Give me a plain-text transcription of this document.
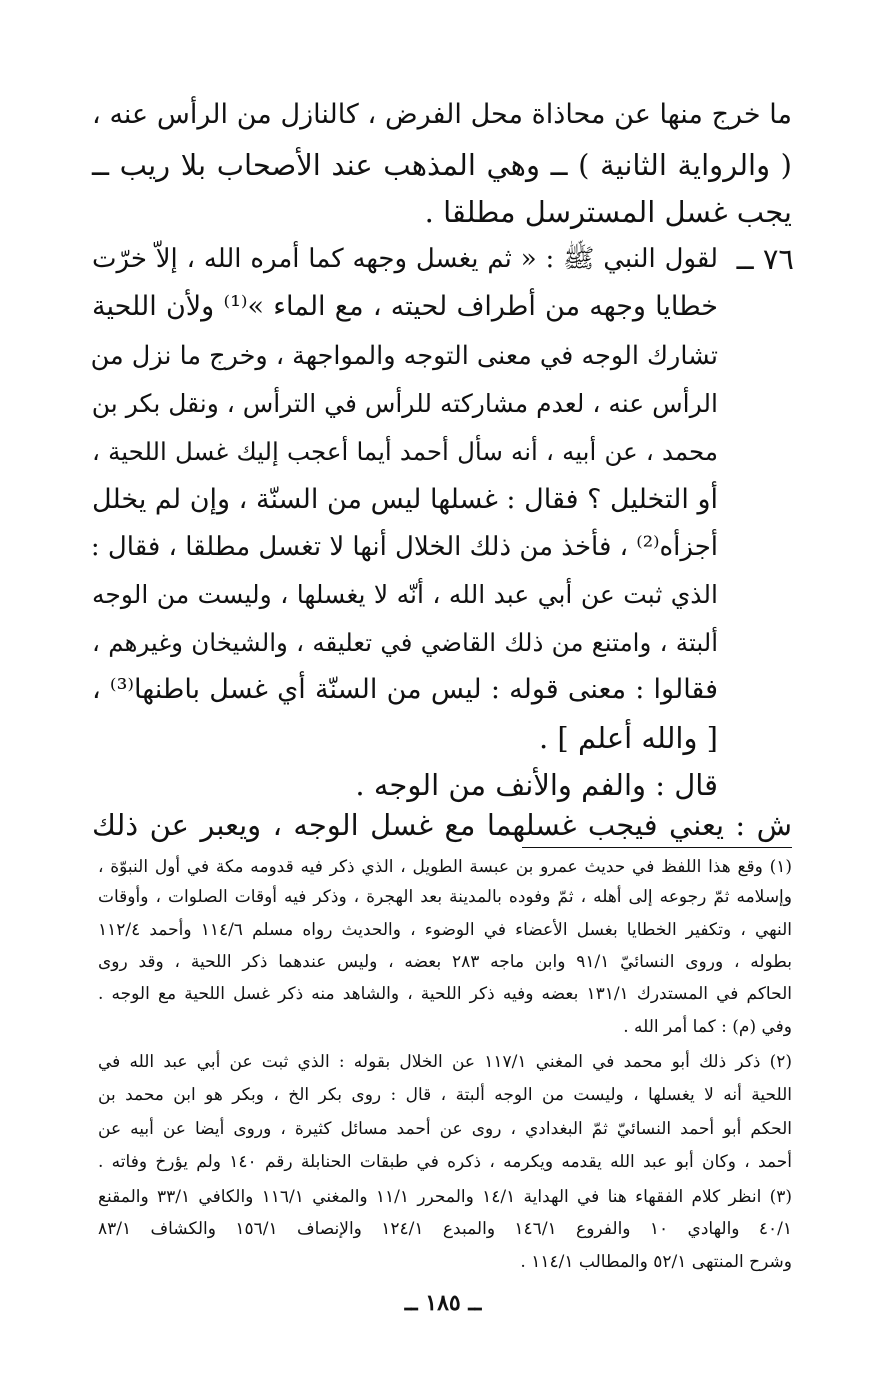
ما خرج منها عن محاذاة محل الفرض ، كالنازل من الرأس عنه ،
( والرواية الثانية ) ــ وهي المذهب عند الأصحاب بلا ريب ــ
يجب غسل المسترسل مطلقا .
٧٦ ــ
لقول النبي ﷺ : « ثم يغسل وجهه كما أمره الله ، إلاّ خرّت
خطايا وجهه من أطراف لحيته ، مع الماء »⁽¹⁾ ولأن اللحية
تشارك الوجه في معنى التوجه والمواجهة ، وخرج ما نزل من
الرأس عنه ، لعدم مشاركته للرأس في الترأس ، ونقل بكر بن
محمد ، عن أبيه ، أنه سأل أحمد أيما أعجب إليك غسل اللحية ،
أو التخليل ؟ فقال : غسلها ليس من السنّة ، وإن لم يخلل
أجزأه⁽²⁾ ، فأخذ من ذلك الخلال أنها لا تغسل مطلقا ، فقال :
الذي ثبت عن أبي عبد الله ، أنّه لا يغسلها ، وليست من الوجه
ألبتة ، وامتنع من ذلك القاضي في تعليقه ، والشيخان وغيرهم ،
فقالوا : معنى قوله : ليس من السنّة أي غسل باطنها⁽³⁾ ،
[ والله أعلم ] .
قال : والفم والأنف من الوجه .
ش : يعني فيجب غسلهما مع غسل الوجه ، ويعبر عن ذلك
(١) وقع هذا اللفظ في حديث عمرو بن عبسة الطويل ، الذي ذكر فيه قدومه مكة في أول النبوّة ،
وإسلامه ثمّ رجوعه إلى أهله ، ثمّ وفوده بالمدينة بعد الهجرة ، وذكر فيه أوقات الصلوات ، وأوقات
النهي ، وتكفير الخطايا بغسل الأعضاء في الوضوء ، والحديث رواه مسلم ١١٤/٦ وأحمد ١١٢/٤
بطوله ، وروى النسائيّ ٩١/١ وابن ماجه ٢٨٣ بعضه ، وليس عندهما ذكر اللحية ، وقد روى
الحاكم في المستدرك ١٣١/١ بعضه وفيه ذكر اللحية ، والشاهد منه ذكر غسل اللحية مع الوجه .
وفي (م) : كما أمر الله .
(٢) ذكر ذلك أبو محمد في المغني ١١٧/١ عن الخلال بقوله : الذي ثبت عن أبي عبد الله في
اللحية أنه لا يغسلها ، وليست من الوجه ألبتة ، قال : روى بكر الخ ، وبكر هو ابن محمد بن
الحكم أبو أحمد النسائيّ ثمّ البغدادي ، روى عن أحمد مسائل كثيرة ، وروى أيضا عن أبيه عن
أحمد ، وكان أبو عبد الله يقدمه ويكرمه ، ذكره في طبقات الحنابلة رقم ١٤٠ ولم يؤرخ وفاته .
(٣) انظر كلام الفقهاء هنا في الهداية ١٤/١ والمحرر ١١/١ والمغني ١١٦/١ والكافي ٣٣/١ والمقنع
٤٠/١ والهادي ١٠ والفروع ١٤٦/١ والمبدع ١٢٤/١ والإنصاف ١٥٦/١ والكشاف ٨٣/١
وشرح المنتهى ٥٢/١ والمطالب ١١٤/١ .
ــ ١٨٥ ــ
